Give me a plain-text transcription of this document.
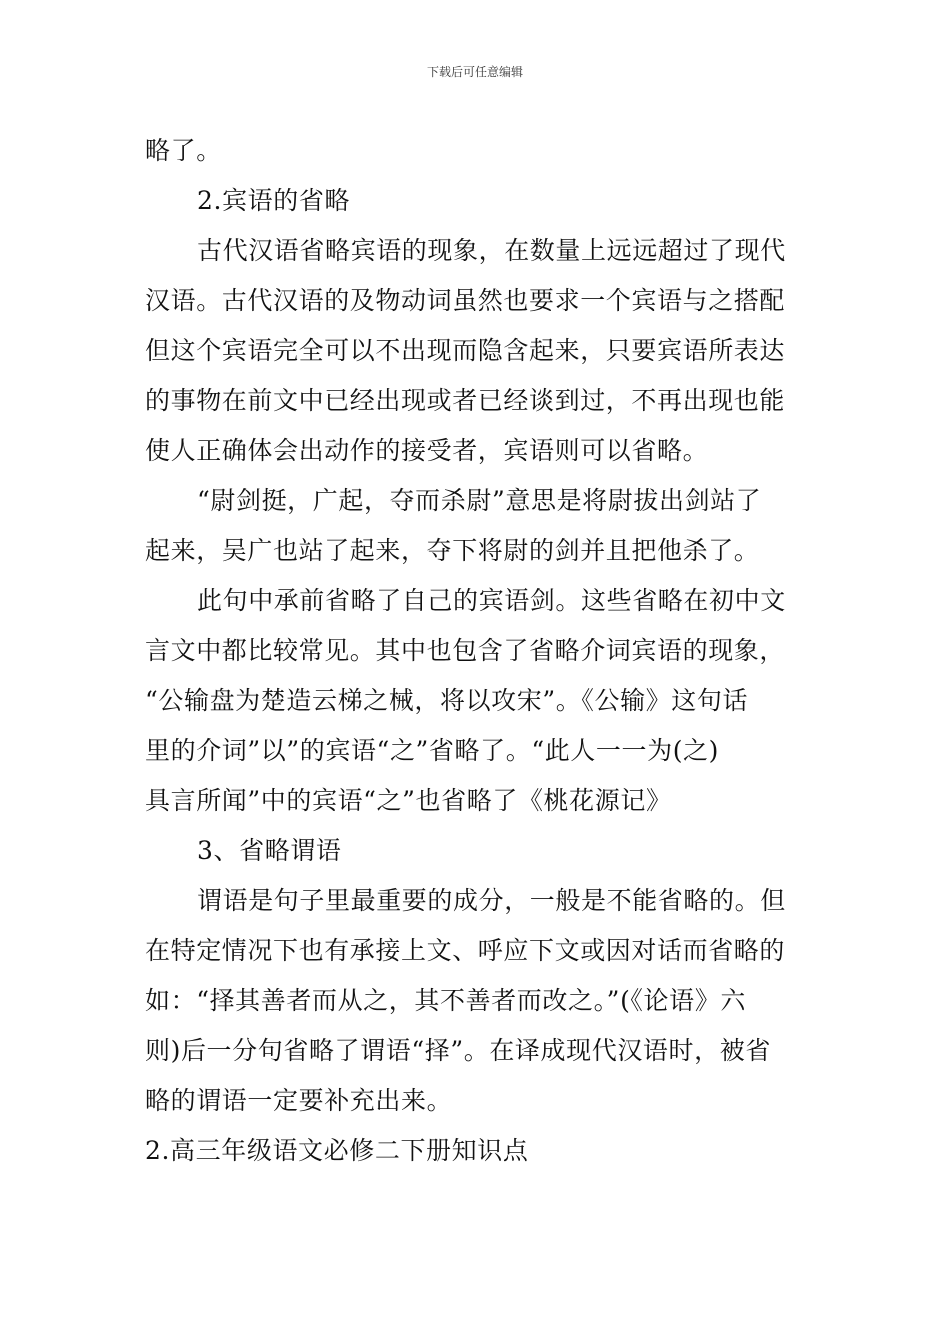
下载后可任意编辑
略了。
2.宾语的省略
古代汉语省略宾语的现象，在数量上远远超过了现代
汉语。古代汉语的及物动词虽然也要求一个宾语与之搭配
但这个宾语完全可以不出现而隐含起来，只要宾语所表达
的事物在前文中已经出现或者已经谈到过，不再出现也能
使人正确体会出动作的接受者，宾语则可以省略。
“尉剑挺，广起，夺而杀尉”意思是将尉拔出剑站了
起来，吴广也站了起来，夺下将尉的剑并且把他杀了。
此句中承前省略了自己的宾语剑。这些省略在初中文
言文中都比较常见。其中也包含了省略介词宾语的现象，
“公输盘为楚造云梯之械，将以攻宋”。《公输》这句话
里的介词”以”的宾语“之”省略了。“此人一一为(之)
具言所闻”中的宾语“之”也省略了《桃花源记》
3、省略谓语
谓语是句子里最重要的成分，一般是不能省略的。但
在特定情况下也有承接上文、呼应下文或因对话而省略的
如：“择其善者而从之，其不善者而改之。”(《论语》六
则)后一分句省略了谓语“择”。在译成现代汉语时，被省
略的谓语一定要补充出来。
2.高三年级语文必修二下册知识点
